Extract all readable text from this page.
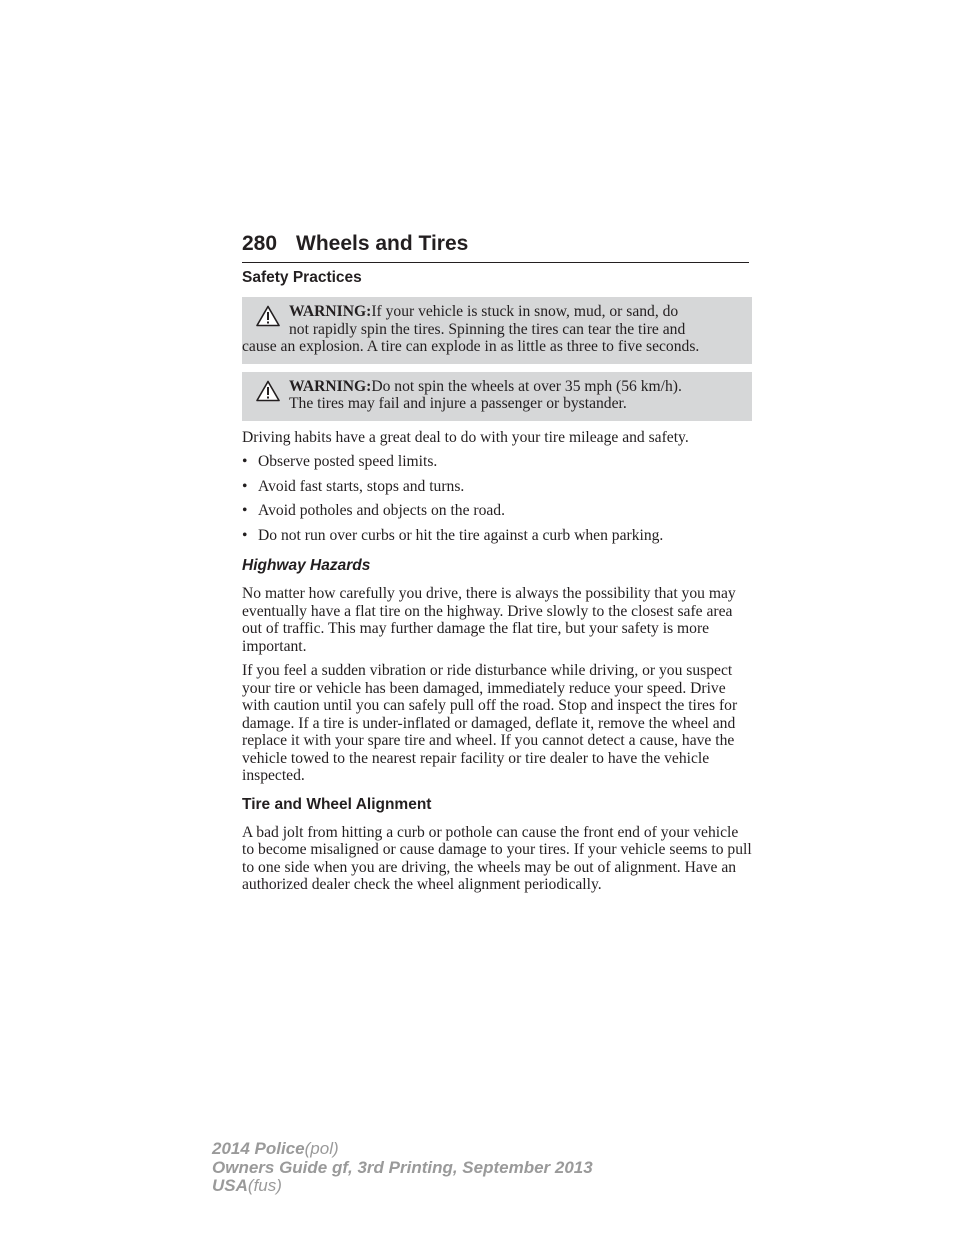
280 Wheels and Tires
Safety Practices
WARNING:If your vehicle is stuck in snow, mud, or sand, do
not rapidly spin the tires. Spinning the tires can tear the tire and
cause an explosion. A tire can explode in as little as three to five seconds.
WARNING:Do not spin the wheels at over 35 mph (56 km/h).
The tires may fail and injure a passenger or bystander.

Driving habits have a great deal to do with your tire mileage and safety.

• Observe posted speed limits.
• Avoid fast starts, stops and turns.
• Avoid potholes and objects on the road.
• Do not run over curbs or hit the tire against a curb when parking.
Highway Hazards

No matter how carefully you drive, there is always the possibility that you may eventually have a flat tire on the highway. Drive slowly to the closest safe area out of traffic. This may further damage the flat tire, but your safety is more important.

If you feel a sudden vibration or ride disturbance while driving, or you suspect your tire or vehicle has been damaged, immediately reduce your speed. Drive with caution until you can safely pull off the road. Stop and inspect the tires for damage. If a tire is under-inflated or damaged, deflate it, remove the wheel and replace it with your spare tire and wheel. If you cannot detect a cause, have the vehicle towed to the nearest repair facility or tire dealer to have the vehicle inspected.

Tire and Wheel Alignment

A bad jolt from hitting a curb or pothole can cause the front end of your vehicle to become misaligned or cause damage to your tires. If your vehicle seems to pull to one side when you are driving, the wheels may be out of alignment. Have an authorized dealer check the wheel alignment periodically.

2014 Police(pol)
Owners Guide gf, 3rd Printing, September 2013
USA(fus)
